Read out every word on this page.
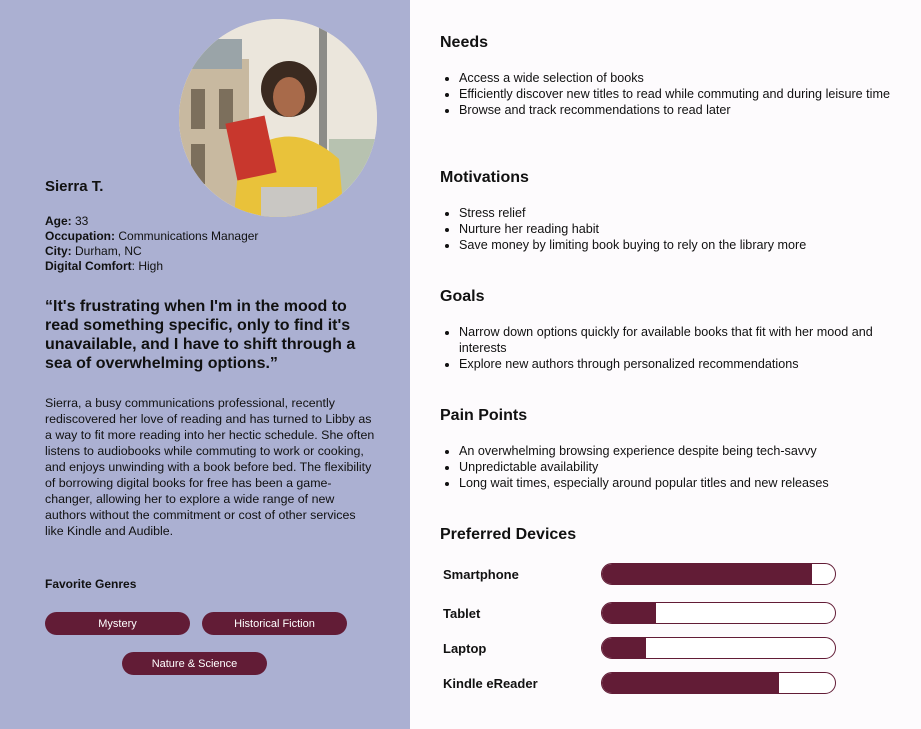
Sierra T.
Age: 33
Occupation: Communications Manager
City: Durham, NC
Digital Comfort: High
“It's frustrating when I'm in the mood to read something specific, only to find it's unavailable, and I have to shift through a sea of overwhelming options.”
Sierra, a busy communications professional, recently rediscovered her love of reading and has turned to Libby as a way to fit more reading into her hectic schedule. She often listens to audiobooks while commuting to work or cooking, and enjoys unwinding with a book before bed. The flexibility of borrowing digital books for free has been a game-changer, allowing her to explore a wide range of new authors without the commitment or cost of other services like Kindle and Audible.
Favorite Genres
Mystery	Historical Fiction
Nature & Science
Needs
• Access a wide selection of books
• Efficiently discover new titles to read while commuting and during leisure time
• Browse and track recommendations to read later
Motivations
• Stress relief
• Nurture her reading habit
• Save money by limiting book buying to rely on the library more
Goals
• Narrow down options quickly for available books that fit with her mood and interests
• Explore new authors through personalized recommendations
Pain Points
• An overwhelming browsing experience despite being tech-savvy
• Unpredictable availability
• Long wait times, especially around popular titles and new releases
Preferred Devices
Smartphone
Tablet
Laptop
Kindle eReader
